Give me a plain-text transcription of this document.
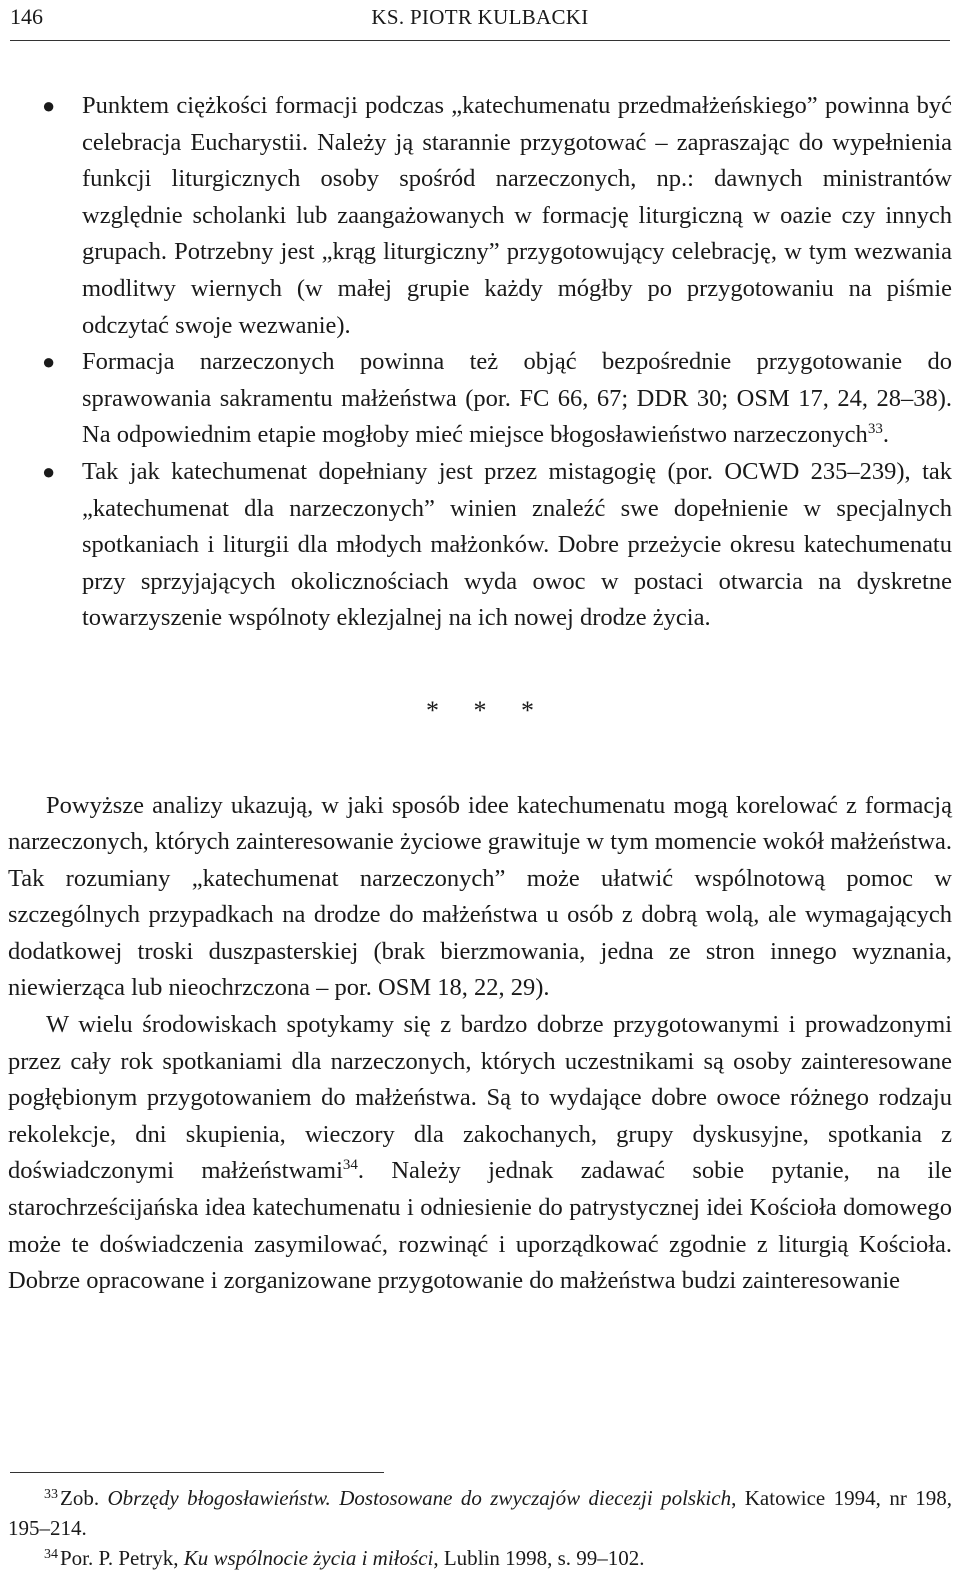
146	KS. PIOTR KULBACKI
● Punktem ciężkości formacji podczas „katechumenatu przedmałżeńskiego” powinna być celebracja Eucharystii. Należy ją starannie przygotować – zapraszając do wypełnienia funkcji liturgicznych osoby spośród narzeczonych, np.: dawnych ministrantów względnie scholanki lub zaangażowanych w formację liturgiczną w oazie czy innych grupach. Potrzebny jest „krąg liturgiczny” przygotowujący celebrację, w tym wezwania modlitwy wiernych (w małej grupie każdy mógłby po przygotowaniu na piśmie odczytać swoje wezwanie).
● Formacja narzeczonych powinna też objąć bezpośrednie przygotowanie do sprawowania sakramentu małżeństwa (por. FC 66, 67; DDR 30; OSM 17, 24, 28–38). Na odpowiednim etapie mogłoby mieć miejsce błogosławieństwo narzeczonych$^{33}$.
● Tak jak katechumenat dopełniany jest przez mistagogię (por. OCWD 235–239), tak „katechumenat dla narzeczonych” winien znaleźć swe dopełnienie w specjalnych spotkaniach i liturgii dla młodych małżonków. Dobre przeżycie okresu katechumenatu przy sprzyjających okolicznościach wyda owoc w postaci otwarcia na dyskretne towarzyszenie wspólnoty eklezjalnej na ich nowej drodze życia.
* * *

Powyższe analizy ukazują, w jaki sposób idee katechumenatu mogą korelować z formacją narzeczonych, których zainteresowanie życiowe grawituje w tym momencie wokół małżeństwa. Tak rozumiany „katechumenat narzeczonych” może ułatwić wspólnotową pomoc w szczególnych przypadkach na drodze do małżeństwa u osób z dobrą wolą, ale wymagających dodatkowej troski duszpasterskiej (brak bierzmowania, jedna ze stron innego wyznania, niewierząca lub nieochrzczona – por. OSM 18, 22, 29).

W wielu środowiskach spotykamy się z bardzo dobrze przygotowanymi i prowadzonymi przez cały rok spotkaniami dla narzeczonych, których uczestnikami są osoby zainteresowane pogłębionym przygotowaniem do małżeństwa. Są to wydające dobre owoce różnego rodzaju rekolekcje, dni skupienia, wieczory dla zakochanych, grupy dyskusyjne, spotkania z doświadczonymi małżeństwami$^{34}$. Należy jednak zadawać sobie pytanie, na ile starochrześcijańska idea katechumenatu i odniesienie do patrystycznej idei Kościoła domowego może te doświadczenia zasymilować, rozwinąć i uporządkować zgodnie z liturgią Kościoła. Dobrze opracowane i zorganizowane przygotowanie do małżeństwa budzi zainteresowanie

$^{33}$Zob. Obrzędy błogosławieństw. Dostosowane do zwyczajów diecezji polskich, Katowice 1994, nr 198, 195–214.

$^{34}$Por. P. Petryk, Ku wspólnocie życia i miłości, Lublin 1998, s. 99–102.
